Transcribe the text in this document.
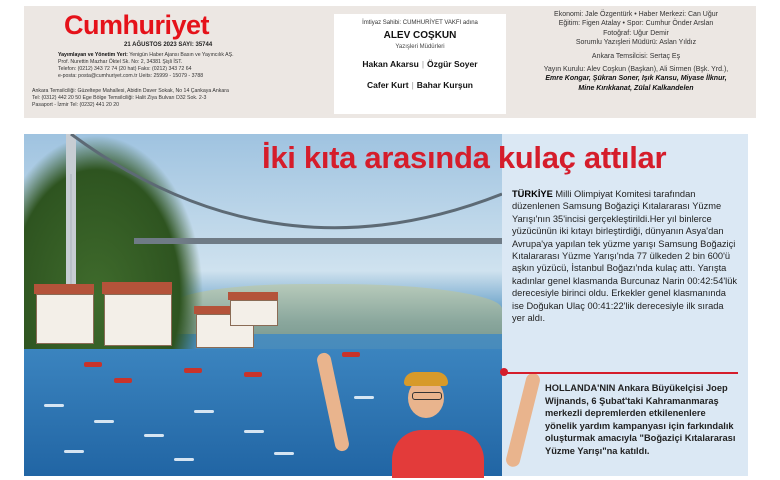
Cumhuriyet
21 AĞUSTOS 2023 SAYI: 35744
Yayımlayan ve Yönetim Yeri: Yenigün Haber Ajansı Basın ve Yayıncılık AŞ.
Prof. Nurettin Mazhar Öktel Sk. No: 2, 34381 Şişli İST.
Telefon: (0212) 343 72 74 (20 hat) Faks: (0212) 343 72 64
e-posta: posta@cumhuriyet.com.tr Ueits: 25999 - 15079 - 3788
Ankara Temsilciliği: Güzeltepe Mahallesi, Abidin Daver Sokak, No 14 Çankaya Ankara
Tel: (0312) 442 20 50 Ege Bölge Temsilciliği: Halit Ziya Bulvarı D32 Sok. 2-3
Pasaport - İzmir Tel: (0232) 441 20 20
İmtiyaz Sahibi: CUMHURİYET VAKFI adına
ALEV COŞKUN
Yazışleri Müdürleri
Hakan Akarsu | Özgür Soyer
Cafer Kurt | Bahar Kurşun
Ekonomi: Jale Özgentürk • Haber Merkezi: Can Uğur
Eğitim: Figen Atalay • Spor: Cumhur Önder Arslan
Fotoğraf: Uğur Demir
Sorumlu Yazışleri Müdürü: Aslan Yıldız
Ankara Temsilcisi: Sertaç Eş
Yayın Kurulu: Alev Coşkun (Başkan), Ali Sirmen (Bşk. Yrd.),
Emre Kongar, Şükran Soner, Işık Kansu, Miyase İlknur,
Mine Kırıkkanat, Zülal Kalkandelen
İki kıta arasında kulaç attılar
TÜRKİYE Milli Olimpiyat Komitesi tarafından düzenlenen Samsung Boğaziçi Kıtalararası Yüzme Yarışı'nın 35'incisi gerçekleştirildi.Her yıl binlerce yüzücünün iki kıtayı birleştirdiği, dünyanın Asya'dan Avrupa'ya yapılan tek yüzme yarışı Samsung Boğaziçi Kıtalararası Yüzme Yarışı'nda 77 ülkeden 2 bin 600'ü aşkın yüzücü, İstanbul Boğazı'nda kulaç attı. Yarışta kadınlar genel klasmanda Burcunaz Narin 00:42:54'lük derecesiyle birinci oldu. Erkekler genel klasmanında ise Doğukan Ulaç 00:41:22'lik derecesiyle ilk sırada yer aldı.
HOLLANDA'NIN Ankara Büyükelçisi Joep Wijnands, 6 Şubat'taki Kahramanmaraş merkezli depremlerden etkilenenlere yönelik yardım kampanyası için farkındalık oluşturmak amacıyla "Boğaziçi Kıtalararası Yüzme Yarışı"na katıldı.
